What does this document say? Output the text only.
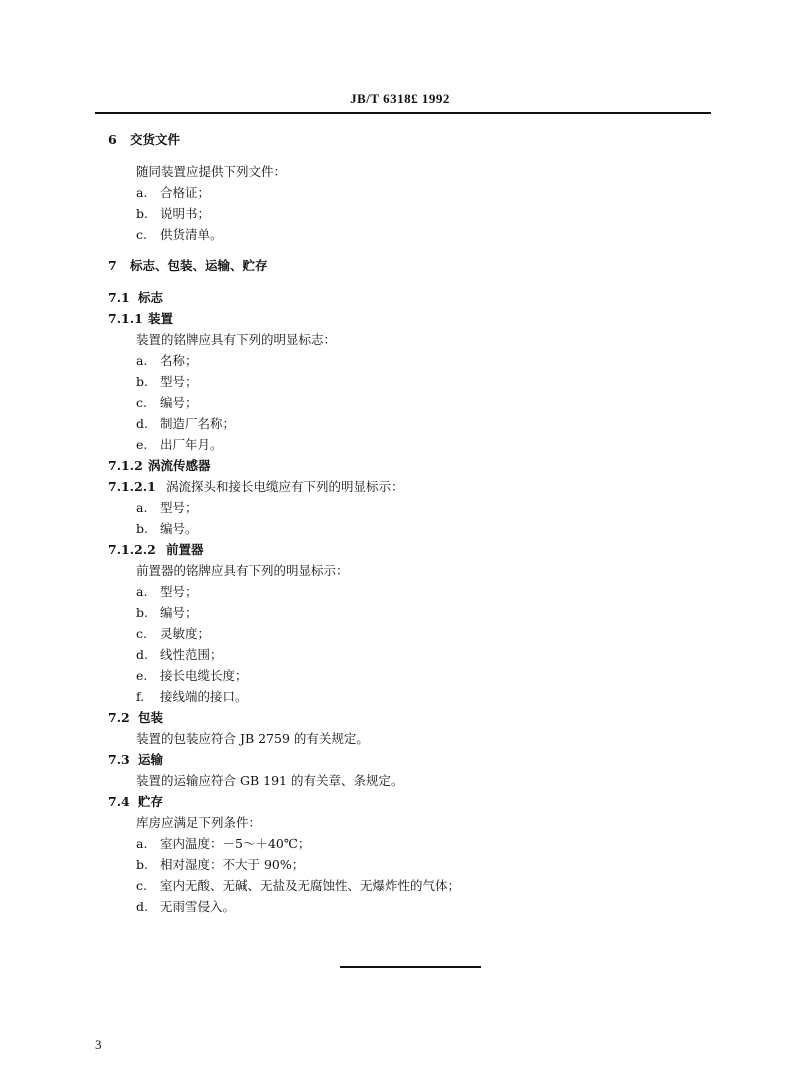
JB/T 6318£ 1992
6 交货文件
随同装置应提供下列文件：
a. 合格证；
b. 说明书；
c. 供货清单。
7 标志、包装、运输、贮存
7.1 标志
7.1.1 装置
装置的铭牌应具有下列的明显标志：
a. 名称；
b. 型号；
c. 编号；
d. 制造厂名称；
e. 出厂年月。
7.1.2 涡流传感器
7.1.2.1 涡流探头和接长电缆应有下列的明显标示：
a. 型号；
b. 编号。
7.1.2.2 前置器
前置器的铭牌应具有下列的明显标示：
a. 型号；
b. 编号；
c. 灵敏度；
d. 线性范围；
e. 接长电缆长度；
f. 接线端的接口。
7.2 包装
装置的包装应符合 JB 2759 的有关规定。
7.3 运输
装置的运输应符合 GB 191 的有关章、条规定。
7.4 贮存
库房应满足下列条件：
a. 室内温度：－5～＋40℃；
b. 相对湿度：不大于 90%；
c. 室内无酸、无碱、无盐及无腐蚀性、无爆炸性的气体；
d. 无雨雪侵入。
3
